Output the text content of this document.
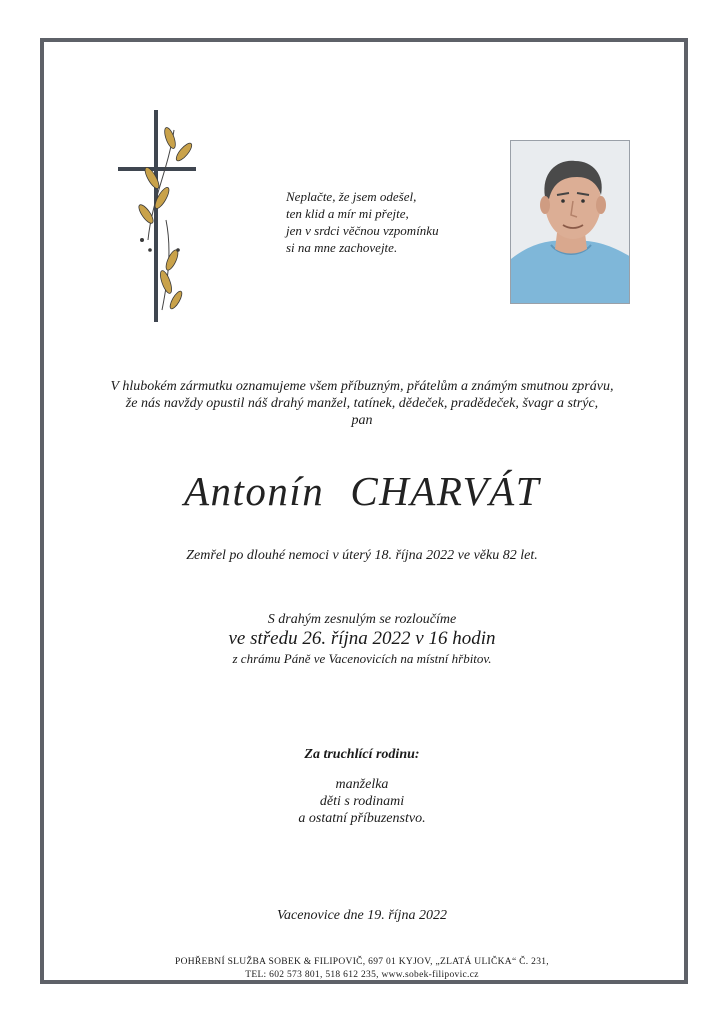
Neplačte, že jsem odešel,
ten klid a mír mi přejte,
jen v srdci věčnou vzpomínku
si na mne zachovejte.
V hlubokém zármutku oznamujeme všem příbuzným, přátelům a známým smutnou zprávu,
že nás navždy opustil náš drahý manžel, tatínek, dědeček, pradědeček, švagr a strýc,
pan
Antonín CHARVÁT
Zemřel po dlouhé nemoci v úterý 18. října 2022 ve věku 82 let.
S drahým zesnulým se rozloučíme
ve středu 26. října 2022 v 16 hodin
z chrámu Páně ve Vacenovicích na místní hřbitov.
Za truchlící rodinu:
manželka
děti s rodinami
a ostatní příbuzenstvo.
Vacenovice dne 19. října 2022
POHŘEBNÍ SLUŽBA SOBEK & FILIPOVIČ, 697 01 KYJOV, „ZLATÁ ULIČKA“ Č. 231,
TEL: 602 573 801, 518 612 235, www.sobek-filipovic.cz
